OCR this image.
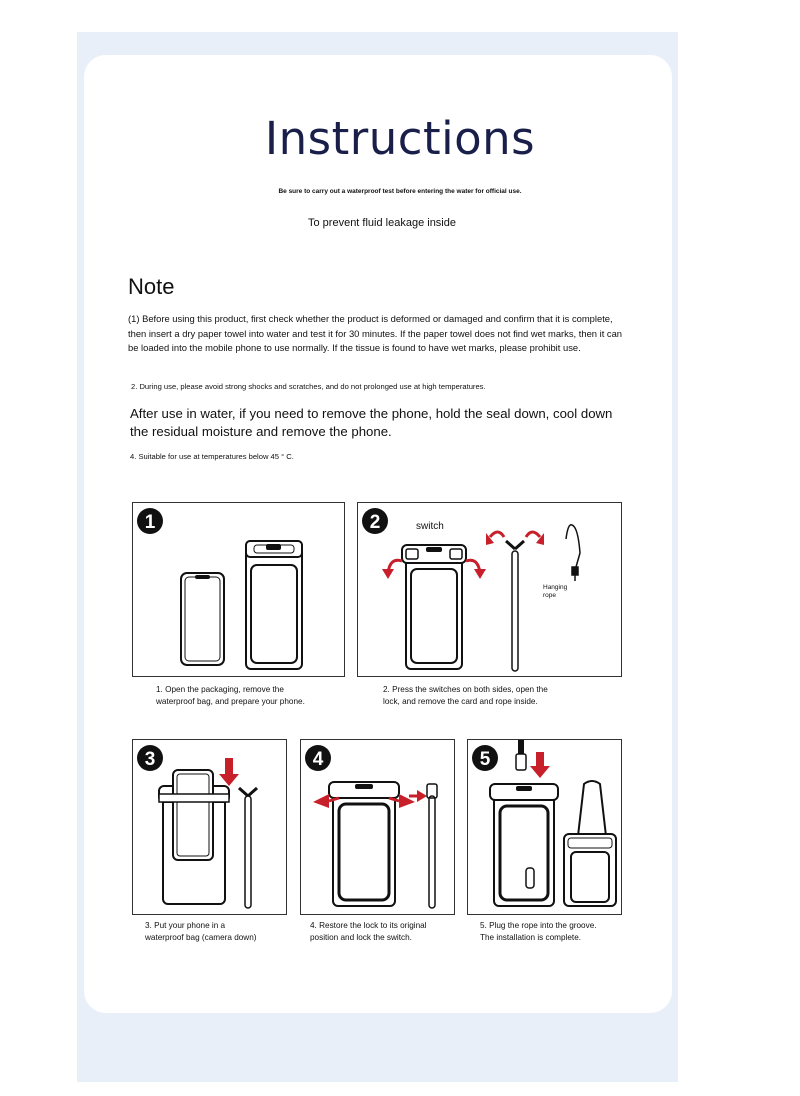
Instructions
Be sure to carry out a waterproof test before entering the water for official use.
To prevent fluid leakage inside
Note
(1) Before using this product, first check whether the product is deformed or damaged and confirm that it is complete, then insert a dry paper towel into water and test it for 30 minutes. If the paper towel does not find wet marks, then it can be loaded into the mobile phone to use normally. If the tissue is found to have wet marks, please prohibit use.
2. During use, please avoid strong shocks and scratches, and do not prolonged use at high temperatures.
After use in water, if you need to remove the phone, hold the seal down, cool down the residual moisture and remove the phone.
4. Suitable for use at temperatures below 45 ° C.
1
1. Open the packaging, remove the
waterproof bag, and prepare your phone.
2	switch
Hanging
rope
2. Press the switches on both sides, open the
lock, and remove the card and rope inside.
3
3. Put your phone in a
waterproof bag (camera down)
4
4. Restore the lock to its original
position and lock the switch.
5
5. Plug the rope into the groove.
The installation is complete.
